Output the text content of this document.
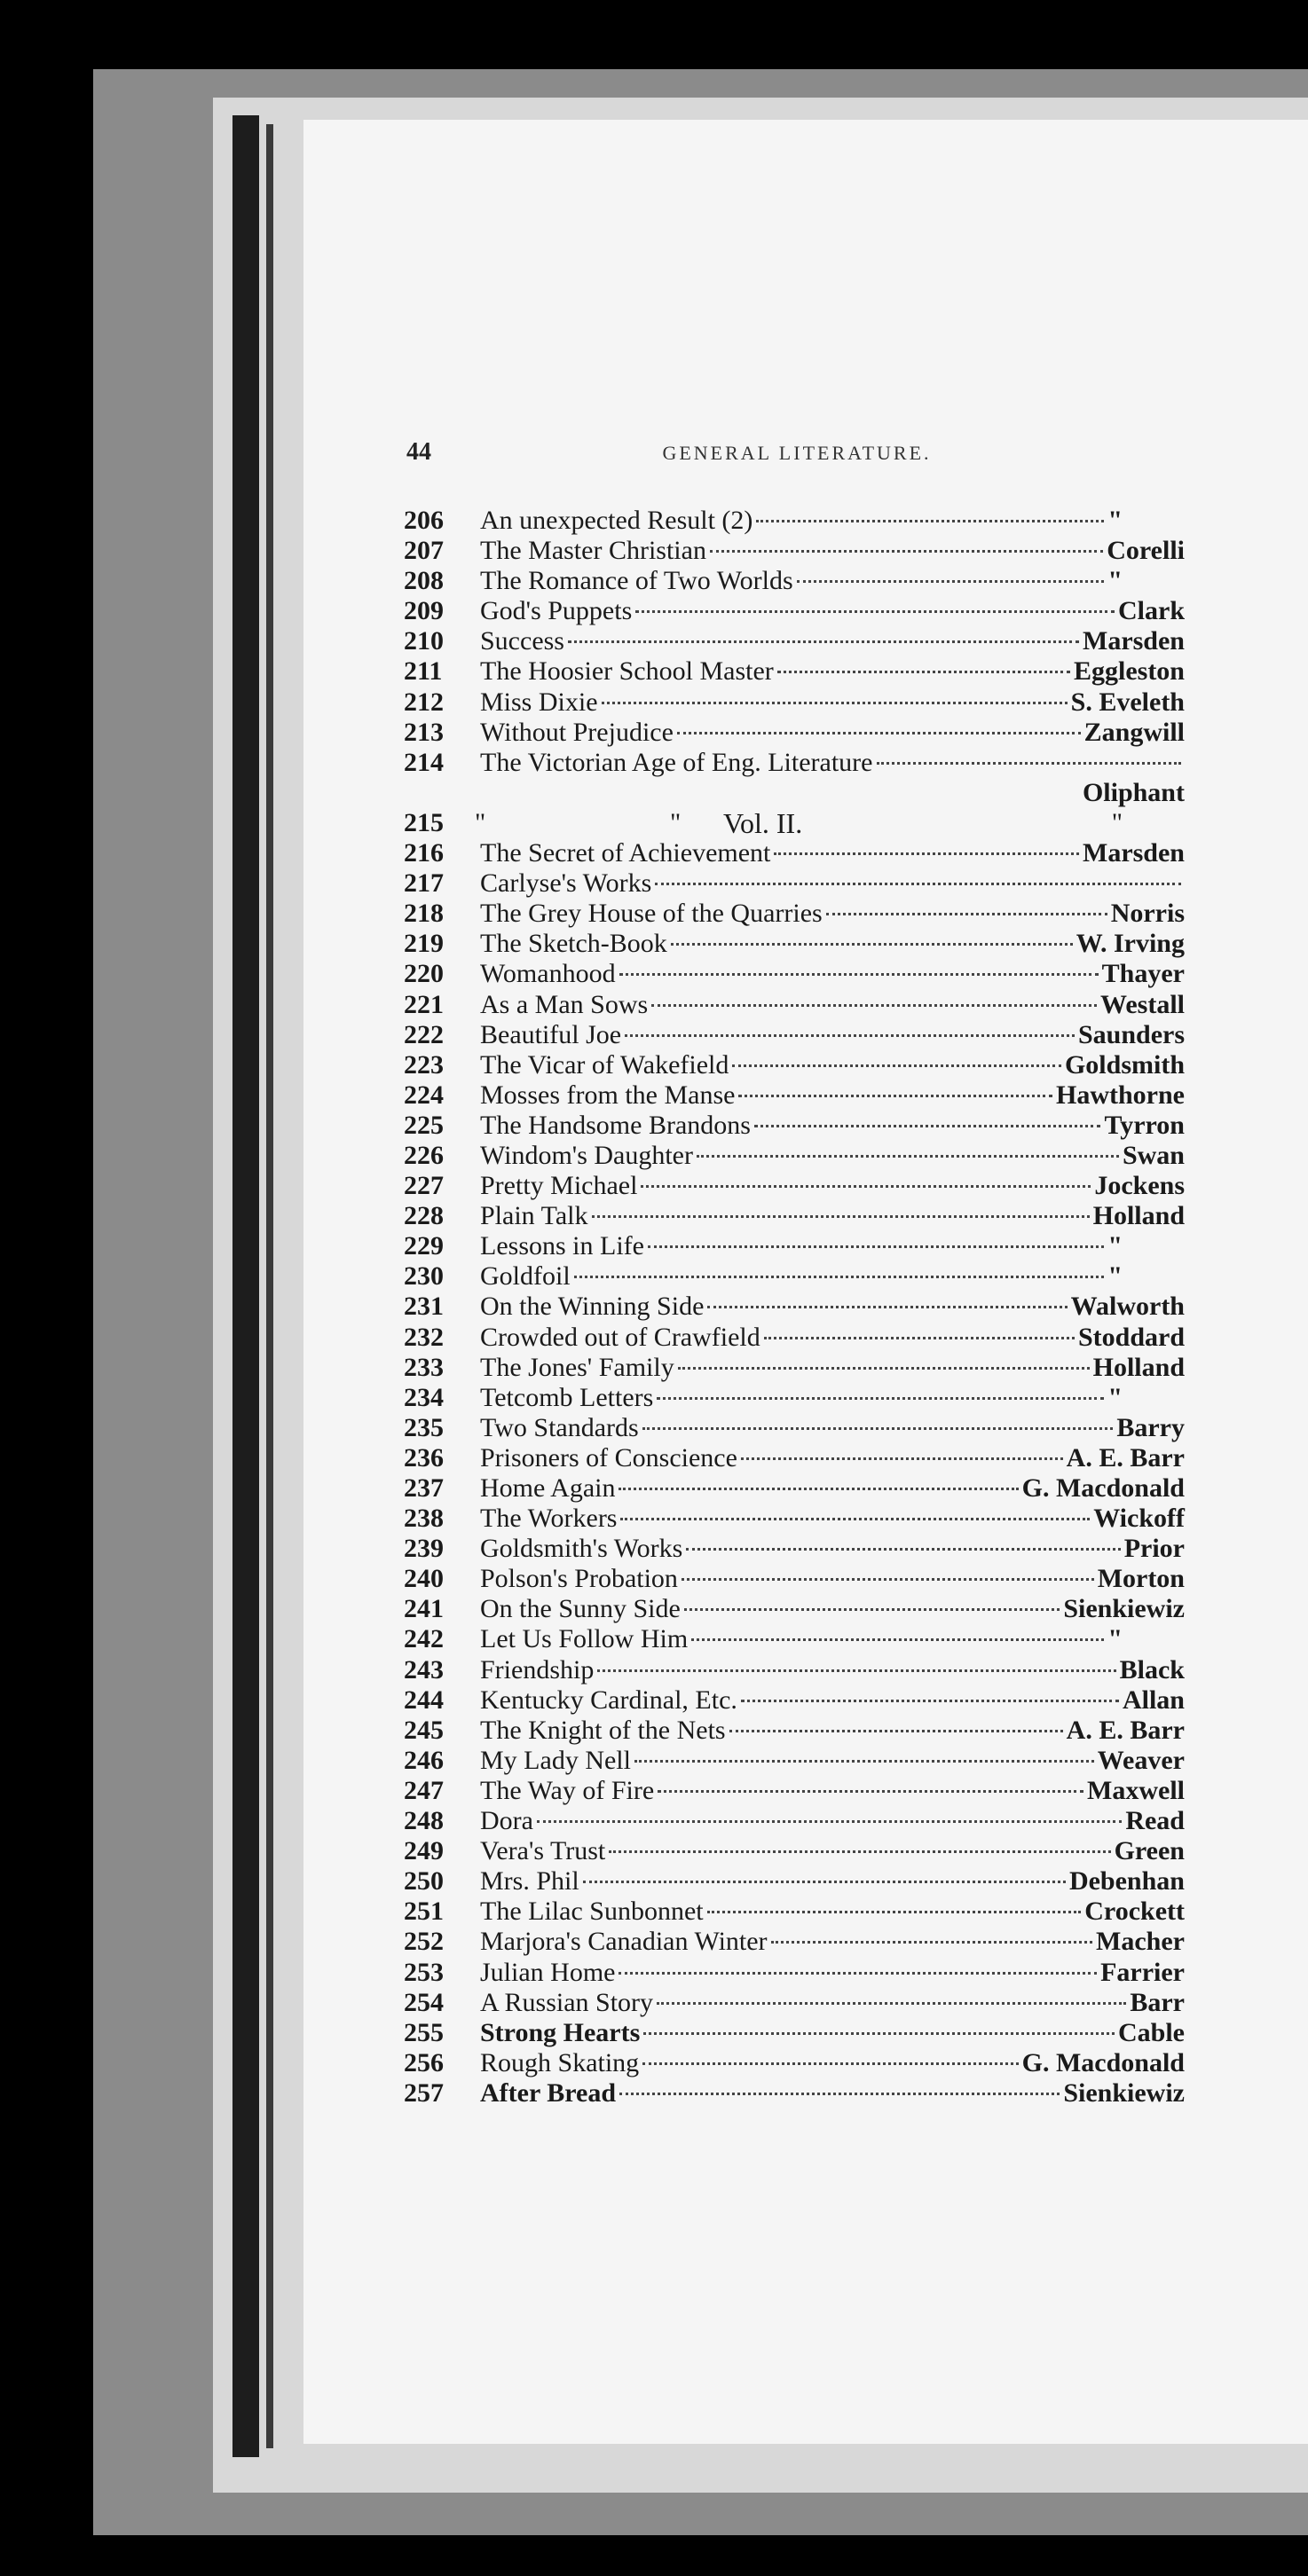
44	GENERAL LITERATURE.
206	An unexpected Result (2)	"
207	The Master Christian	Corelli
208	The Romance of Two Worlds	"
209	God's Puppets	Clark
210	Success	Marsden
211	The Hoosier School Master	Eggleston
212	Miss Dixie	S. Eveleth
213	Without Prejudice	Zangwill
214	The Victorian Age of Eng. Literature
Oliphant
215	"	" Vol. II.	"
216	The Secret of Achievement	Marsden
217	Carlyse's Works
218	The Grey House of the Quarries	Norris
219	The Sketch-Book	W. Irving
220	Womanhood	Thayer
221	As a Man Sows	Westall
222	Beautiful Joe	Saunders
223	The Vicar of Wakefield	Goldsmith
224	Mosses from the Manse	Hawthorne
225	The Handsome Brandons	Tyrron
226	Windom's Daughter	Swan
227	Pretty Michael	Jockens
228	Plain Talk	Holland
229	Lessons in Life	"
230	Goldfoil	"
231	On the Winning Side	Walworth
232	Crowded out of Crawfield	Stoddard
233	The Jones' Family	Holland
234	Tetcomb Letters	"
235	Two Standards	Barry
236	Prisoners of Conscience	A. E. Barr
237	Home Again	G. Macdonald
238	The Workers	Wickoff
239	Goldsmith's Works	Prior
240	Polson's Probation	Morton
241	On the Sunny Side	Sienkiewiz
242	Let Us Follow Him	"
243	Friendship	Black
244	Kentucky Cardinal, Etc.	Allan
245	The Knight of the Nets	A. E. Barr
246	My Lady Nell	Weaver
247	The Way of Fire	Maxwell
248	Dora	Read
249	Vera's Trust	Green
250	Mrs. Phil	Debenhan
251	The Lilac Sunbonnet	Crockett
252	Marjora's Canadian Winter	Macher
253	Julian Home	Farrier
254	A Russian Story	Barr
255	Strong Hearts	Cable
256	Rough Skating	G. Macdonald
257	After Bread	Sienkiewiz
